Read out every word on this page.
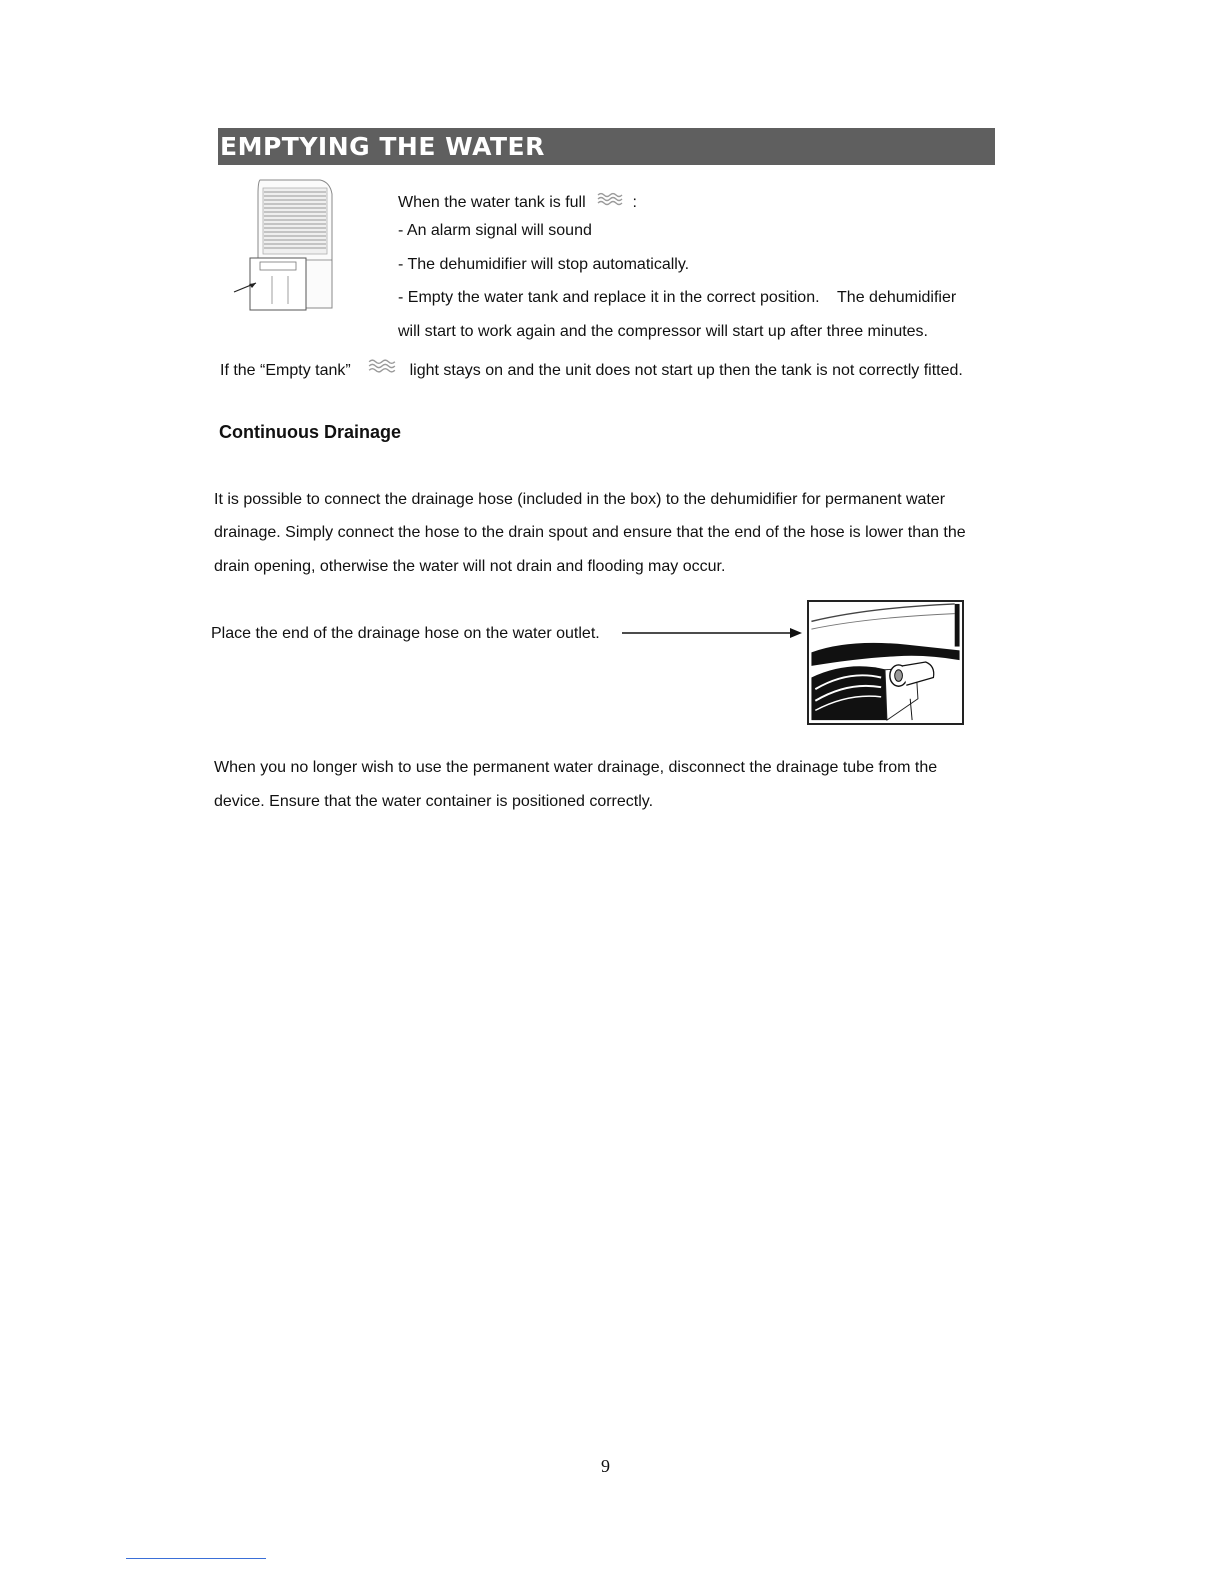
EMPTYING THE WATER
When the water tank is full	:
- An alarm signal will sound
- The dehumidifier will stop automatically.
- Empty the water tank and replace it in the correct position.    The dehumidifier
will start to work again and the compressor will start up after three minutes.
If the “Empty tank”	light stays on and the unit does not start up then the tank is not correctly fitted.
Continuous Drainage
It is possible to connect the drainage hose (included in the box) to the dehumidifier for permanent water
drainage. Simply connect the hose to the drain spout and ensure that the end of the hose is lower than the
drain opening, otherwise the water will not drain and flooding may occur.
Place the end of the drainage hose on the water outlet.
When you no longer wish to use the permanent water drainage, disconnect the drainage tube from the
device. Ensure that the water container is positioned correctly.
9
